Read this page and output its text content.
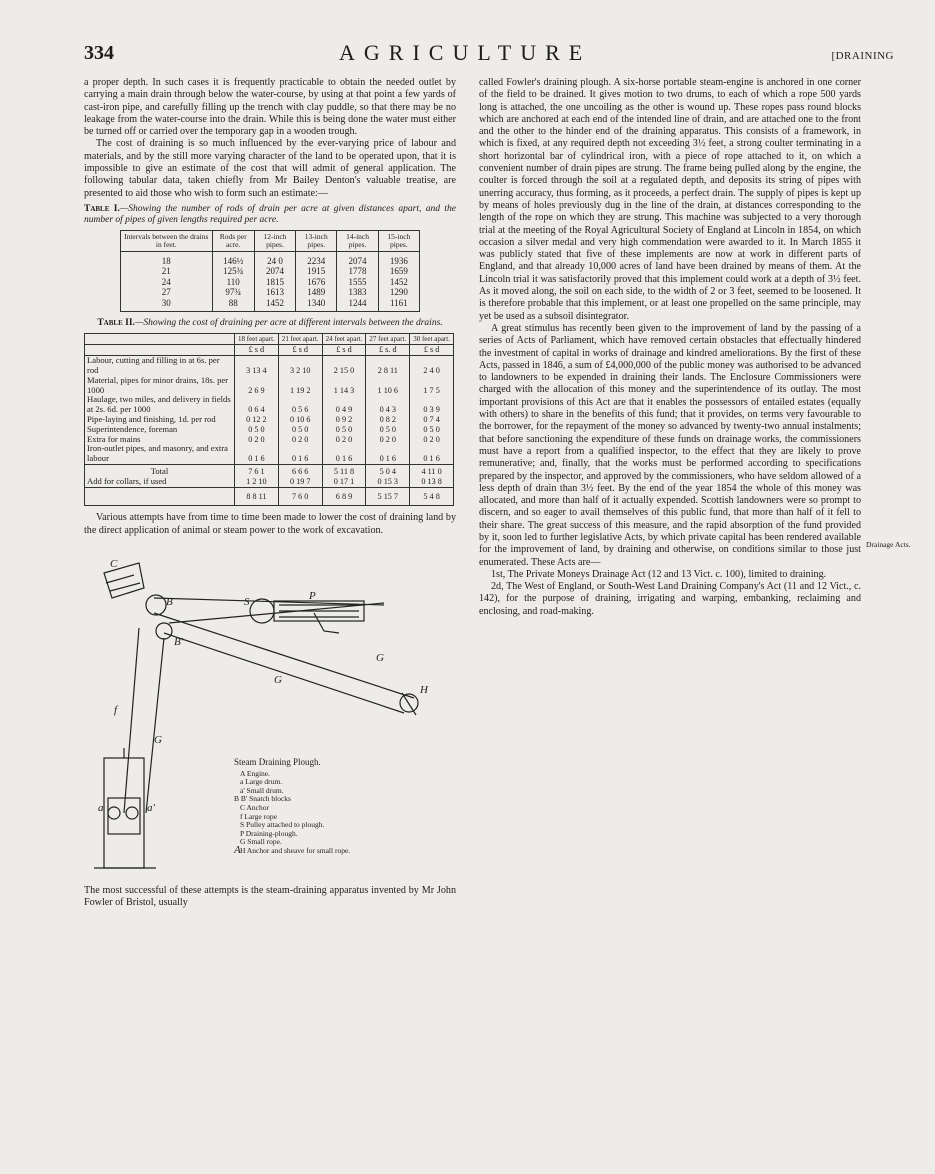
334	AGRICULTURE	[DRAINING

a proper depth. In such cases it is frequently practicable to obtain the needed outlet by carrying a main drain through below the water-course, by using at that point a few yards of cast-iron pipe, and carefully filling up the trench with clay puddle, so that there may be no leakage from the water-course into the drain. While this is being done the water must either be turned off or carried over the temporary gap in a wooden trough.

The cost of draining is so much influenced by the ever-varying price of labour and materials, and by the still more varying character of the land to be operated upon, that it is impossible to give an estimate of the cost that will admit of general application. The following tabular data, taken chiefly from Mr Bailey Denton's valuable treatise, are presented to aid those who wish to form such an estimate:—

Table I.—Showing the number of rods of drain per acre at given distances apart, and the number of pipes of given lengths required per acre.
Intervals between the drains in feet.	Rods per acre.	12-inch pipes.	13-inch pipes.	14-inch pipes.	15-inch pipes.
18	146½	24 0	2234	2074	1936
21	125¾	2074	1915	1778	1659
24	110	1815	1676	1555	1452
27	97¾	1613	1489	1383	1290
30	88	1452	1340	1244	1161
Table II.—Showing the cost of draining per acre at different intervals between the drains.
	18 feet apart.	21 feet apart.	24 feet apart.	27 feet apart.	30 feet apart.
	£ s d	£ s d	£ s d	£ s. d	£ s d
Labour, cutting and filling in at 6s. per rod	3 13 4	3 2 10	2 15 0	2 8 11	2 4 0
Material, pipes for minor drains, 18s. per 1000	2 6 9	1 19 2	1 14 3	1 10 6	1 7 5
Haulage, two miles, and delivery in fields at 2s. 6d. per 1000	0 6 4	0 5 6	0 4 9	0 4 3	0 3 9
Pipe-laying and finishing, 1d. per rod	0 12 2	0 10 6	0 9 2	0 8 2	0 7 4
Superintendence, foreman	0 5 0	0 5 0	0 5 0	0 5 0	0 5 0
Extra for mains	0 2 0	0 2 0	0 2 0	0 2 0	0 2 0
Iron-outlet pipes, and masonry, and extra labour	0 1 6	0 1 6	0 1 6	0 1 6	0 1 6
Total	7 6 1	6 6 6	5 11 8	5 0 4	4 11 0
Add for collars, if used	1 2 10	0 19 7	0 17 1	0 15 3	0 13 8
	8 8 11	7 6 0	6 8 9	5 15 7	5 4 8

Various attempts have from time to time been made to lower the cost of draining land by the direct application of animal or steam power to the work of excavation.

A
a	a'
B
B'
C
f
S	P
G
G
G
H
Steam Draining Plough.
A Engine.
a Large drum.
a' Small drum.
B B' Snatch blocks
C Anchor
f Large rope
S Pulley attached to plough.
P Draining-plough.
G Small rope.
H Anchor and sheave for small rope.

The most successful of these attempts is the steam-draining apparatus invented by Mr John Fowler of Bristol, usually

called Fowler's draining plough. A six-horse portable steam-engine is anchored in one corner of the field to be drained. It gives motion to two drums, to each of which a rope 500 yards long is attached, the one uncoiling as the other is wound up. These ropes pass round blocks which are anchored at each end of the intended line of drain, and are attached one to the front and the other to the hinder end of the draining apparatus. This consists of a framework, in which is fixed, at any required depth not exceeding 3½ feet, a strong coulter terminating in a short horizontal bar of cylindrical iron, with a piece of rope attached to it, on which a convenient number of drain pipes are strung. The frame being pulled along by the engine, the coulter is forced through the soil at a regulated depth, and deposits its string of pipes with unerring accuracy, thus forming, as it proceeds, a perfect drain. The supply of pipes is kept up by means of holes previously dug in the line of the drain, at distances corresponding to the length of the rope on which they are strung. This machine was subjected to a very thorough trial at the meeting of the Royal Agricultural Society of England at Lincoln in 1854, on which occasion a silver medal and very high commendation were awarded to it. In March 1855 it was publicly stated that five of these implements are now at work in different parts of England, and that already 10,000 acres of land have been drained by means of them. At the Lincoln trial it was satisfactorily proved that this implement could work at a depth of 3½ feet. As it moved along, the soil on each side, to the width of 2 or 3 feet, seemed to be loosened. It is therefore probable that this implement, or at least one propelled on the same principle, may yet be used as a subsoil disintegrator.

A great stimulus has recently been given to the improvement of land by the passing of a series of Acts of Parliament, which have removed certain obstacles that effectually hindered the investment of capital in works of drainage and kindred ameliorations. By the first of these Acts, passed in 1846, a sum of £4,000,000 of the public money was authorised to be advanced to landowners to be expended in draining their lands. The Enclosure Commissioners were charged with the allocation of this money and the superintendence of its outlay. The most important provisions of this Act are that it enables the possessors of entailed estates (equally with others) to share in the benefits of this fund; that it provides, on terms very favourable to the borrower, for the repayment of the money so advanced by twenty-two annual instalments; that before sanctioning the expenditure of these funds on drainage works, the commissioners must have a report from a qualified inspector, to the effect that they are likely to prove remunerative; and, finally, that the works must be performed according to specifications prepared by the inspector, and approved by the commissioners, who have seldom allowed of a less depth of drain than 3½ feet. By the end of the year 1854 the whole of this money was allocated, and more than half of it actually expended. Scottish landowners were so prompt to discern, and so eager to avail themselves of this public fund, that more than half of it fell to their share. The great success of this measure, and the rapid absorption of the fund provided by it, soon led to further legislative Acts, by which private capital has been rendered available for the improvement of land, by draining and otherwise, on conditions similar to those just enumerated. These Acts are—

1st, The Private Moneys Drainage Act (12 and 13 Vict. c. 100), limited to draining.

2d, The West of England, or South-West Land Draining Company's Act (11 and 12 Vict., c. 142), for the purpose of draining, irrigating and warping, embanking, reclaiming and enclosing, and road-making.

Drainage Acts.
